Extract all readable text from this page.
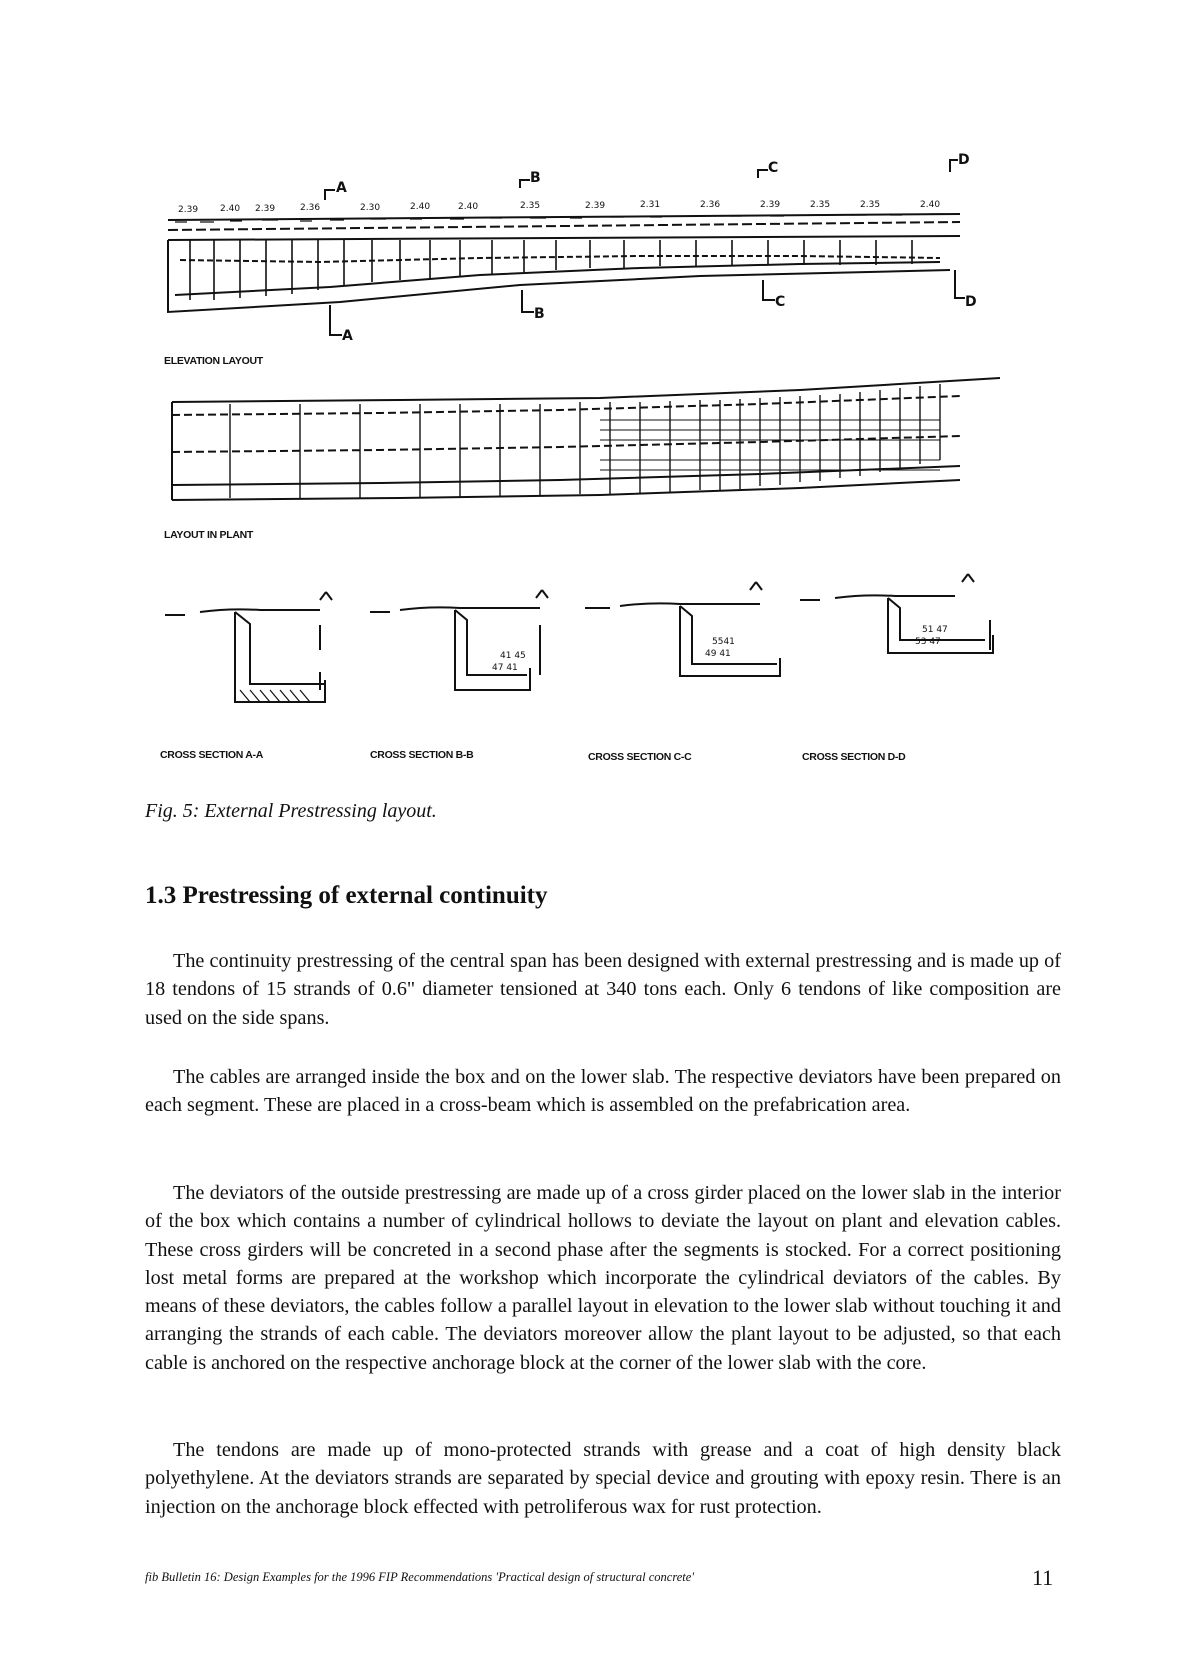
2.39 2.40 2.39	2.36	2.30	2.40	2.40	2.35	2.39	2.31	2.36	2.39	2.35	2.35	2.40
A
B
C	D
A
B
C	D
41 45
47 41
5541
49 41
51 47
53 47
ELEVATION LAYOUT
LAYOUT IN PLANT
CROSS SECTION A-A	CROSS SECTION B-B	CROSS SECTION C-C	CROSS SECTION D-D
Fig. 5: External Prestressing layout.
1.3 Prestressing of external continuity

The continuity prestressing of the central span has been designed with external prestressing and is made up of 18 tendons of 15 strands of 0.6" diameter tensioned at 340 tons each. Only 6 tendons of like composition are used on the side spans.

The cables are arranged inside the box and on the lower slab. The respective deviators have been prepared on each segment. These are placed in a cross-beam which is assembled on the prefabrication area.

The deviators of the outside prestressing are made up of a cross girder placed on the lower slab in the interior of the box which contains a number of cylindrical hollows to deviate the layout on plant and elevation cables. These cross girders will be concreted in a second phase after the segments is stocked. For a correct positioning lost metal forms are prepared at the workshop which incorporate the cylindrical deviators of the cables. By means of these deviators, the cables follow a parallel layout in elevation to the lower slab without touching it and arranging the strands of each cable. The deviators moreover allow the plant layout to be adjusted, so that each cable is anchored on the respective anchorage block at the corner of the lower slab with the core.

The tendons are made up of mono-protected strands with grease and a coat of high density black polyethylene. At the deviators strands are separated by special device and grouting with epoxy resin. There is an injection on the anchorage block effected with petroliferous wax for rust protection.

fib Bulletin 16: Design Examples for the 1996 FIP Recommendations 'Practical design of structural concrete'	11
